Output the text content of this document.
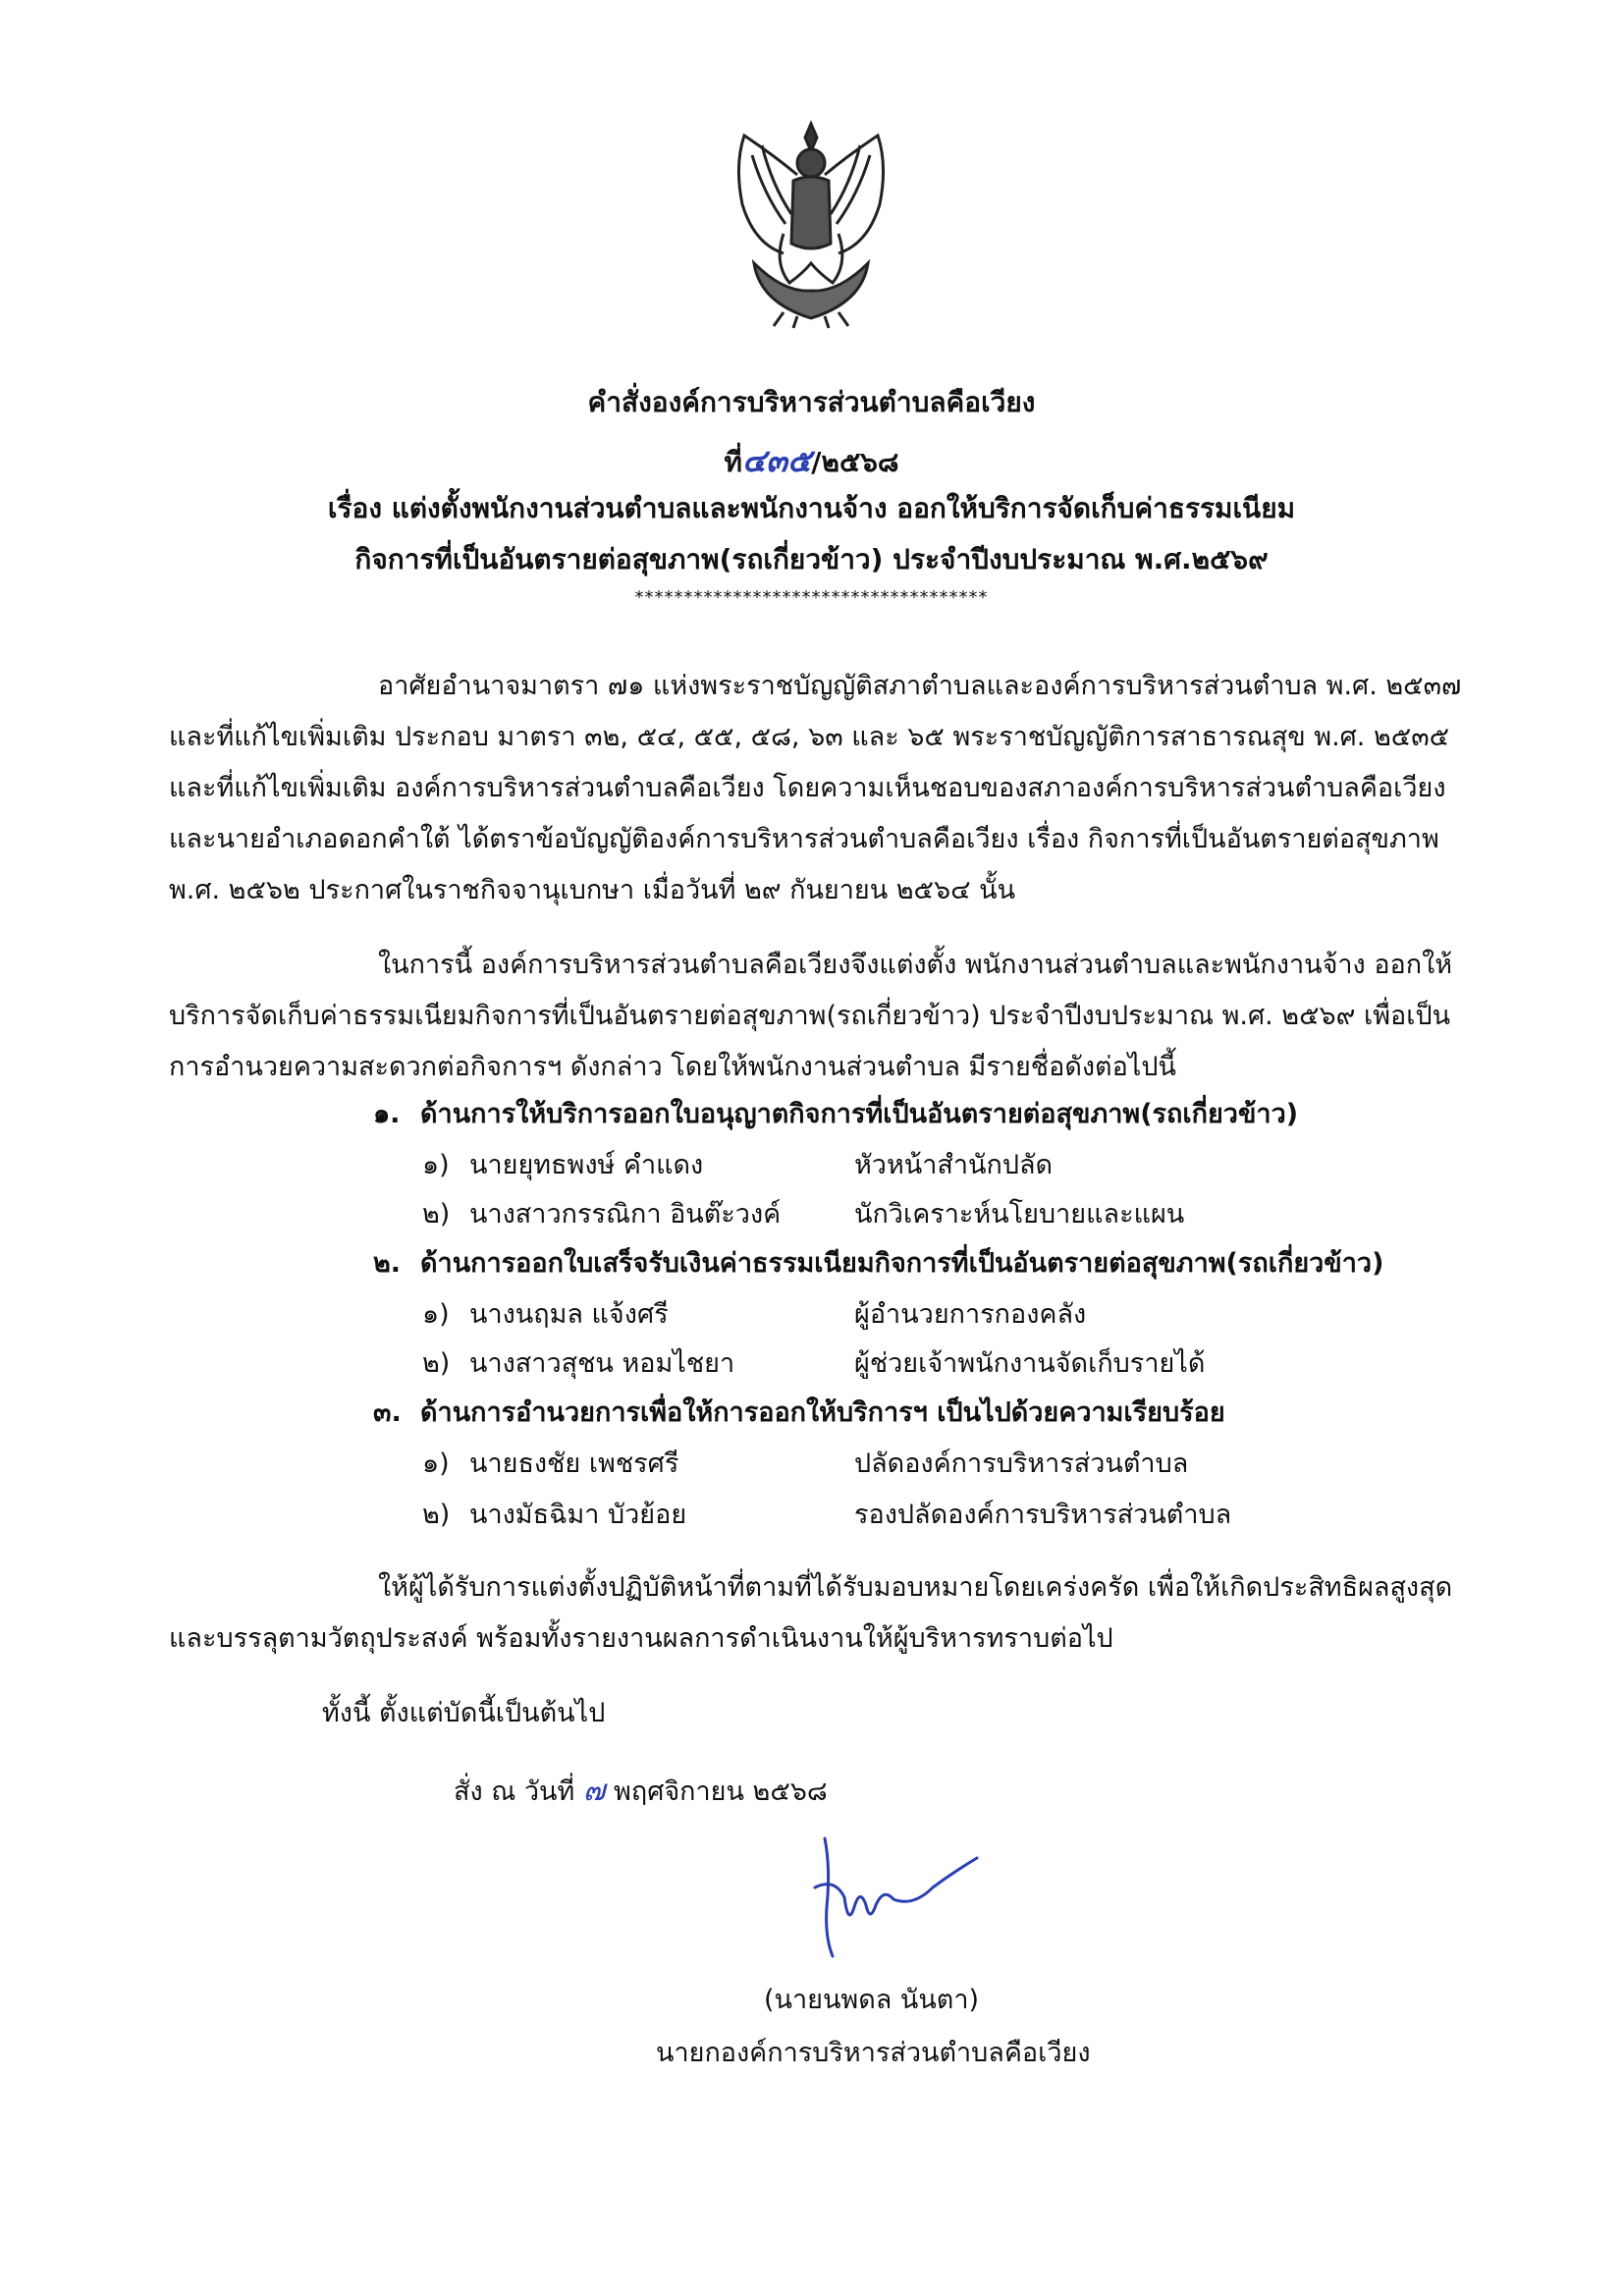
คำสั่งองค์การบริหารส่วนตำบลคือเวียง
ที่๔๓๕/๒๕๖๘
เรื่อง แต่งตั้งพนักงานส่วนตำบลและพนักงานจ้าง ออกให้บริการจัดเก็บค่าธรรมเนียม
กิจการที่เป็นอันตรายต่อสุขภาพ(รถเกี่ยวข้าว) ประจำปีงบประมาณ พ.ศ.๒๕๖๙
************************************
อาศัยอำนาจมาตรา ๗๑ แห่งพระราชบัญญัติสภาตำบลและองค์การบริหารส่วนตำบล พ.ศ. ๒๕๓๗
และที่แก้ไขเพิ่มเติม ประกอบ มาตรา ๓๒, ๕๔, ๕๕, ๕๘, ๖๓ และ ๖๕ พระราชบัญญัติการสาธารณสุข พ.ศ. ๒๕๓๕
และที่แก้ไขเพิ่มเติม องค์การบริหารส่วนตำบลคือเวียง โดยความเห็นชอบของสภาองค์การบริหารส่วนตำบลคือเวียง
และนายอำเภอดอกคำใต้ ได้ตราข้อบัญญัติองค์การบริหารส่วนตำบลคือเวียง เรื่อง กิจการที่เป็นอันตรายต่อสุขภาพ
พ.ศ. ๒๕๖๒ ประกาศในราชกิจจานุเบกษา เมื่อวันที่ ๒๙ กันยายน ๒๕๖๔ นั้น
ในการนี้ องค์การบริหารส่วนตำบลคือเวียงจึงแต่งตั้ง พนักงานส่วนตำบลและพนักงานจ้าง ออกให้
บริการจัดเก็บค่าธรรมเนียมกิจการที่เป็นอันตรายต่อสุขภาพ(รถเกี่ยวข้าว) ประจำปีงบประมาณ พ.ศ. ๒๕๖๙ เพื่อเป็น
การอำนวยความสะดวกต่อกิจการฯ ดังกล่าว โดยให้พนักงานส่วนตำบล มีรายชื่อดังต่อไปนี้
๑. ด้านการให้บริการออกใบอนุญาตกิจการที่เป็นอันตรายต่อสุขภาพ(รถเกี่ยวข้าว)
๑) นายยุทธพงษ์ คำแดง	หัวหน้าสำนักปลัด
๒) นางสาวกรรณิกา อินต๊ะวงค์	นักวิเคราะห์นโยบายและแผน
๒. ด้านการออกใบเสร็จรับเงินค่าธรรมเนียมกิจการที่เป็นอันตรายต่อสุขภาพ(รถเกี่ยวข้าว)
๑) นางนฤมล แจ้งศรี	ผู้อำนวยการกองคลัง
๒) นางสาวสุชน หอมไชยา	ผู้ช่วยเจ้าพนักงานจัดเก็บรายได้
๓. ด้านการอำนวยการเพื่อให้การออกให้บริการฯ เป็นไปด้วยความเรียบร้อย
๑) นายธงชัย เพชรศรี	ปลัดองค์การบริหารส่วนตำบล
๒) นางมัธฉิมา บัวย้อย	รองปลัดองค์การบริหารส่วนตำบล
ให้ผู้ได้รับการแต่งตั้งปฏิบัติหน้าที่ตามที่ได้รับมอบหมายโดยเคร่งครัด เพื่อให้เกิดประสิทธิผลสูงสุด
และบรรลุตามวัตถุประสงค์ พร้อมทั้งรายงานผลการดำเนินงานให้ผู้บริหารทราบต่อไป
ทั้งนี้ ตั้งแต่บัดนี้เป็นต้นไป
สั่ง ณ วันที่ ๗ พฤศจิกายน ๒๕๖๘
(นายนพดล นันตา)
นายกองค์การบริหารส่วนตำบลคือเวียง
